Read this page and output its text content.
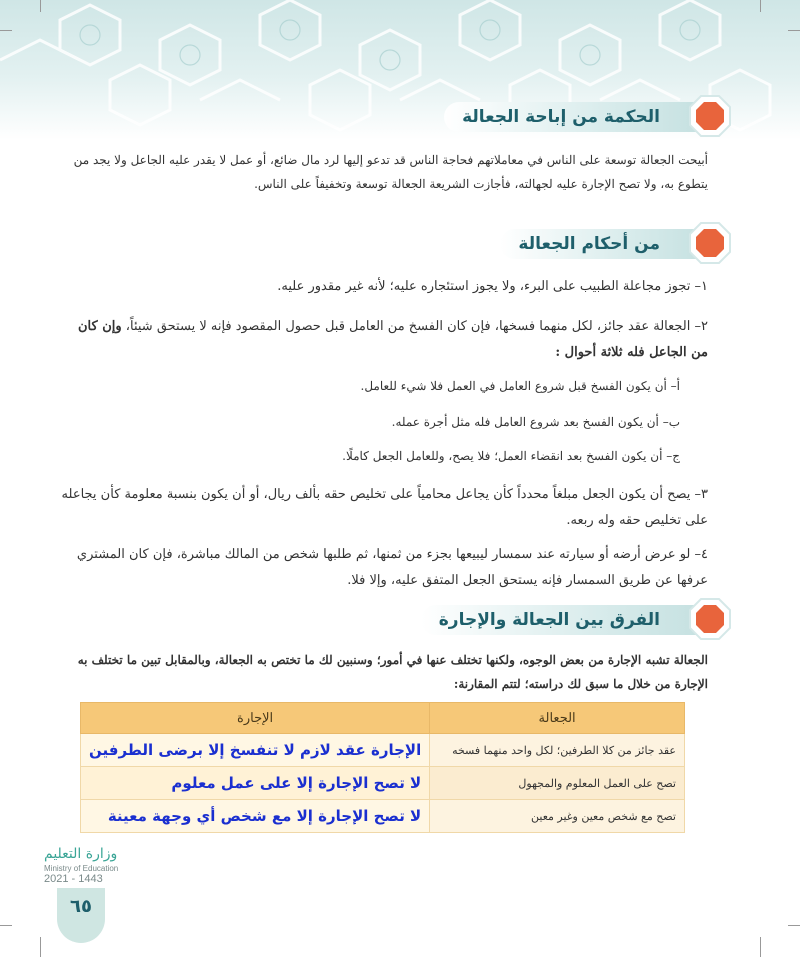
الحكمة من إباحة الجعالة
أبيحت الجعالة توسعة على الناس في معاملاتهم فحاجة الناس قد تدعو إليها لرد مال ضائع، أو عمل لا يقدر عليه الجاعل ولا يجد من يتطوع به، ولا تصح الإجارة عليه لجهالته، فأجازت الشريعة الجعالة توسعة وتخفيفاً على الناس.
من أحكام الجعالة
١– تجوز مجاعلة الطبيب على البرء، ولا يجوز استئجاره عليه؛ لأنه غير مقدور عليه.
٢– الجعالة عقد جائز، لكل منهما فسخها، فإن كان الفسخ من العامل قبل حصول المقصود فإنه لا يستحق شيئاً، وإن كان من الجاعل فله ثلاثة أحوال :
أ– أن يكون الفسخ قبل شروع العامل في العمل فلا شيء للعامل.
ب– أن يكون الفسخ بعد شروع العامل فله مثل أجرة عمله.
ج– أن يكون الفسخ بعد انقضاء العمل؛ فلا يصح، وللعامل الجعل كاملًا.
٣– يصح أن يكون الجعل مبلغاً محدداً كأن يجاعل محامياً على تخليص حقه بألف ريال، أو أن يكون بنسبة معلومة كأن يجاعله على تخليص حقه وله ربعه.
٤– لو عرض أرضه أو سيارته عند سمسار ليبيعها بجزء من ثمنها، ثم طلبها شخص من المالك مباشرة، فإن كان المشتري عرفها عن طريق السمسار فإنه يستحق الجعل المتفق عليه، وإلا فلا.
الفرق بين الجعالة والإجارة
الجعالة تشبه الإجارة من بعض الوجوه، ولكنها تختلف عنها في أمور؛ وسنبين لك ما تختص به الجعالة، وبالمقابل تبين ما تختلف به الإجارة من خلال ما سبق لك دراسته؛ لتتم المقارنة:
الجعالة	الإجارة
عقد جائز من كلا الطرفين؛ لكل واحد منهما فسخه	الإجارة عقد لازم لا تنفسخ إلا برضى الطرفين
تصح على العمل المعلوم والمجهول	لا تصح الإجارة إلا على عمل معلوم
تصح مع شخص معين وغير معين	لا تصح الإجارة إلا مع شخص أي وجهة معينة
وزارة التعليم
Ministry of Education
2021 - 1443
٦٥
